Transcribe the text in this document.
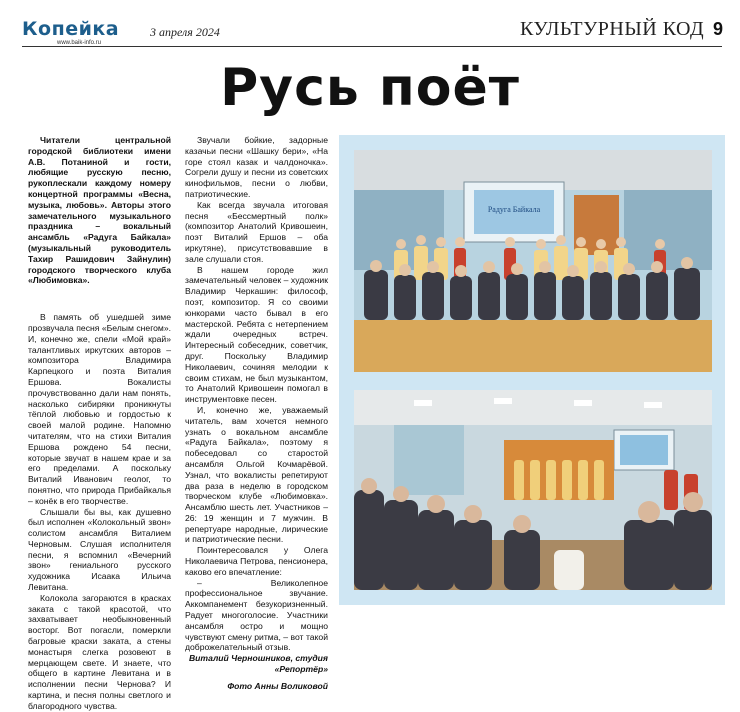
Копейка
www.baik-info.ru
3 апреля 2024	КУЛЬТУРНЫЙ КОД 9
Русь поёт

Читатели центральной городской библиотеки имени А.В. Потаниной и гости, любящие русскую песню, рукоплескали каждому номеру концертной программы «Весна, музыка, любовь». Авторы этого замечательного музыкального праздника – вокальный ансамбль «Радуга Байкала» (музыкальный руководитель Тахир Рашидович Зайнулин) городского творческого клуба «Любимовка».

В память об ушедшей зиме прозвучала песня «Белым снегом». И, конечно же, спели «Мой край» талантливых иркутских авторов – композитора Владимира Карпецкого и поэта Виталия Ершова. Вокалисты прочувствованно дали нам понять, насколько сибиряки проникнуты тёплой любовью и гордостью к своей малой родине. Напомню читателям, что на стихи Виталия Ершова рождено 54 песни, которые звучат в нашем крае и за его пределами. А поскольку Виталий Иванович геолог, то понятно, что природа Прибайкалья – конёк в его творчестве.

Слышали бы вы, как душевно был исполнен «Колокольный звон» солистом ансамбля Виталием Черновым. Слушая исполнителя песни, я вспомнил «Вечерний звон» гениального русского художника Исаака Ильича Левитана.

Колокола загораются в красках заката с такой красотой, что захватывает необыкновенный восторг. Вот погасли, померкли багровые краски заката, а стены монастыря слегка розовеют в мерцающем свете. И знаете, что общего в картине Левитана и в исполнении песни Чернова? И картина, и песня полны светлого и благородного чувства.

Звучали бойкие, задорные казачьи песни «Шашку бери», «На горе стоял казак и чалдоночка». Согрели душу и песни из советских кинофильмов, песни о любви, патриотические.

Как всегда звучала итоговая песня «Бессмертный полк» (композитор Анатолий Кривошеин, поэт Виталий Ершов – оба иркутяне), присутствовавшие в зале слушали стоя.

В нашем городе жил замечательный человек – художник Владимир Черкашин: философ, поэт, композитор. Я со своими юнкорами часто бывал в его мастерской. Ребята с нетерпением ждали очередных встреч. Интересный собеседник, советчик, друг. Поскольку Владимир Николаевич, сочиняя мелодии к своим стихам, не был музыкантом, то Анатолий Кривошеин помогал в инструментовке песен.

И, конечно же, уважаемый читатель, вам хочется немного узнать о вокальном ансамбле «Радуга Байкала», поэтому я побеседовал со старостой ансамбля Ольгой Кочмарёвой. Узнал, что вокалисты репетируют два раза в неделю в городском творческом клубе «Любимовка». Ансамблю шесть лет. Участников – 26: 19 женщин и 7 мужчин. В репертуаре народные, лирические и патриотические песни.

Поинтересовался у Олега Николаевича Петрова, пенсионера, каково его впечатление:

– Великолепное профессиональное звучание. Аккомпанемент безукоризненный. Радует многоголосие. Участники ансамбля остро и мощно чувствуют смену ритма, – вот такой доброжелательный отзыв.

Виталий Черношников, студия «Репортёр»

Фото Анны Воликовой

Радуга Байкала
